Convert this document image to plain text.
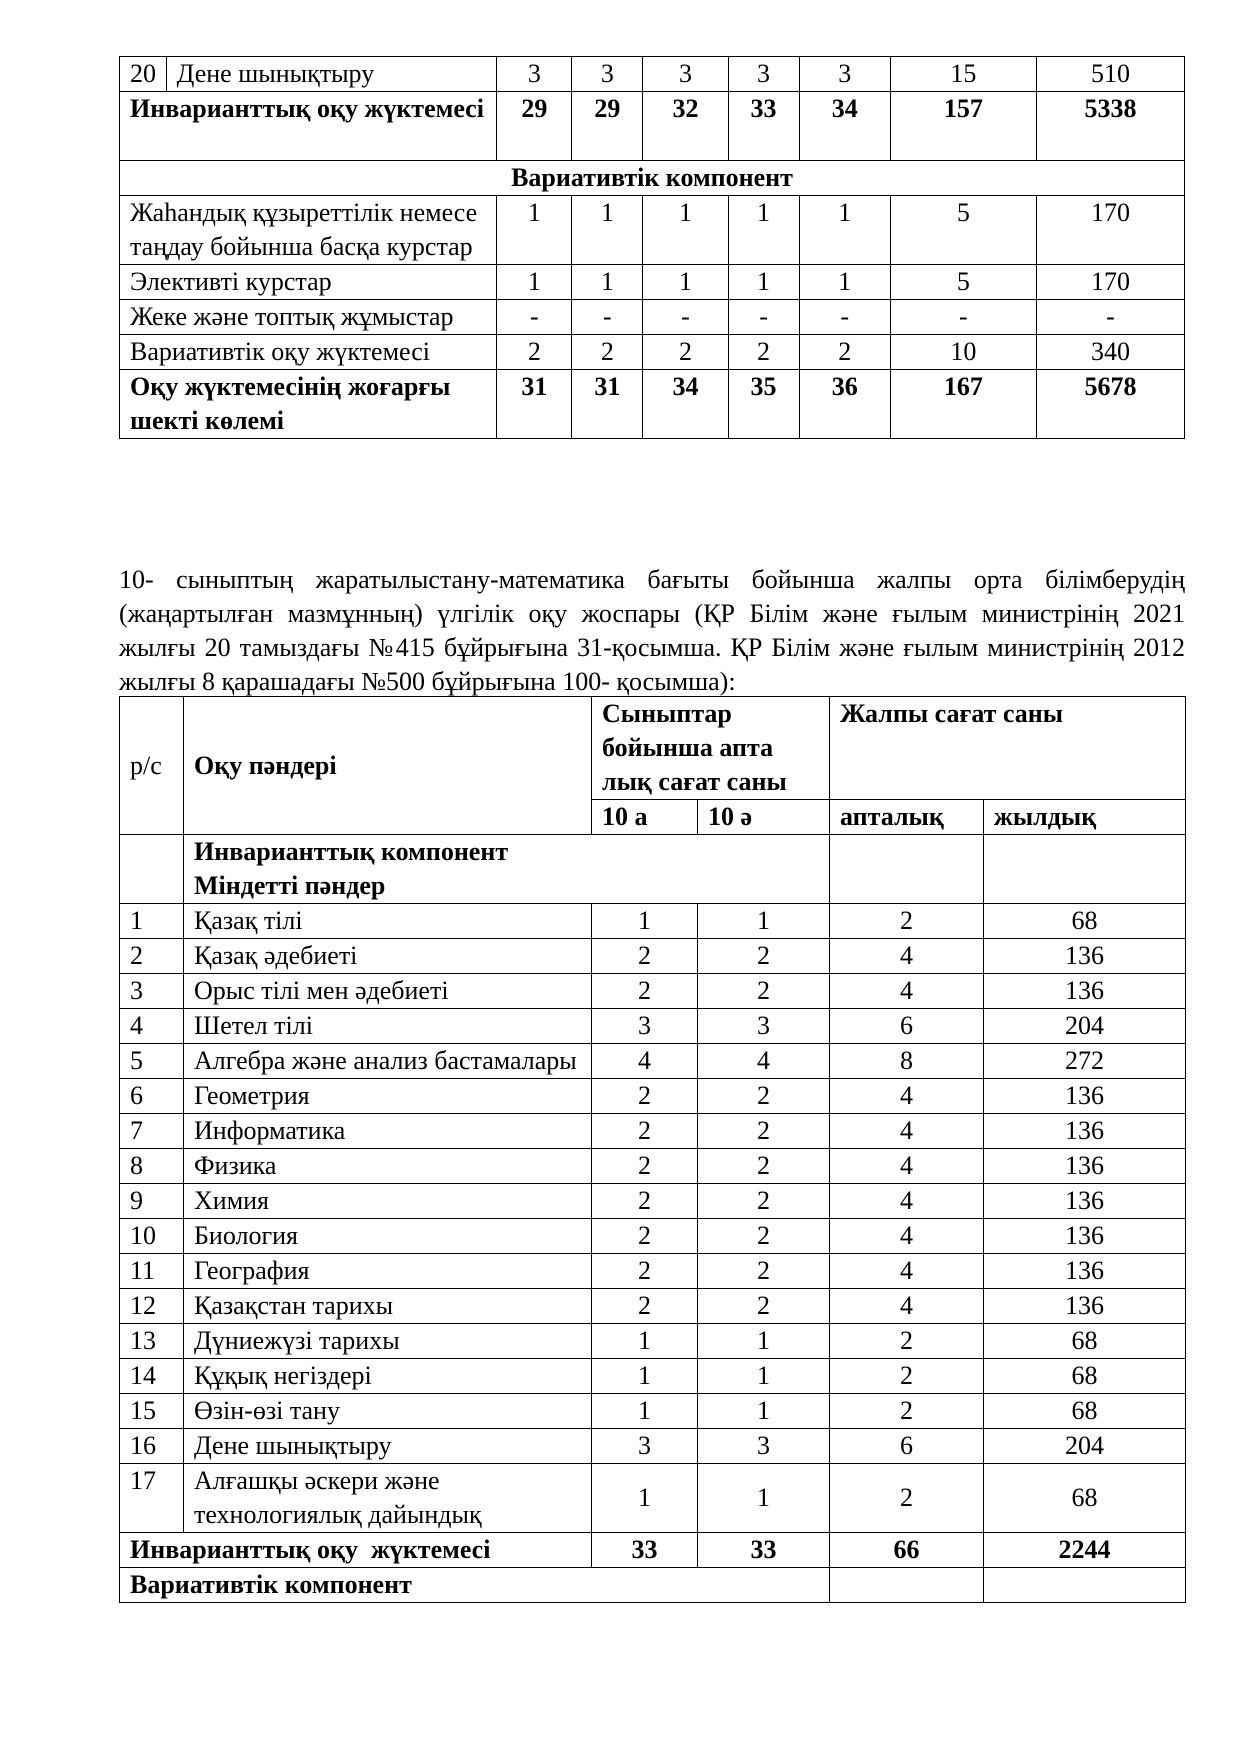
20	Дене шынықтыру	3	3	3	3	3	15	510
Инварианттық оқу жүктемесі		29	29	32	33	34	157	5338
Вариативтік компонент								
Жаһандық құзыреттілік немесе таңдау бойынша басқа курстар		1	1	1	1	1	5	170
Элективті курстар		1	1	1	1	1	5	170
Жеке және топтық жұмыстар		-	-	-	-	-	-	-
Вариативтік оқу жүктемесі		2	2	2	2	2	10	340
Оқу жүктемесінің жоғарғы шекті көлемі		31	31	34	35	36	167	5678

10- сыныптың жаратылыстану-математика бағыты бойынша жалпы орта білімберудің (жаңартылған мазмұнның) үлгілік оқу жоспары (ҚР Білім және ғылым министрінің 2021 жылғы 20 тамыздағы №415 бұйрығына 31-қосымша. ҚР Білім және ғылым министрінің 2012 жылғы 8 қарашадағы №500 бұйрығына 100- қосымша):

р/с	Оқу пәндері	Сыныптар бойынша апта лық сағат саны		Жалпы сағат саны	
		10 а	10 ә	апталық	жылдық

	Инварианттық компонент
Міндетті пәндер				

1	Қазақ тілі	1	1	2	68
2	Қазақ әдебиеті	2	2	4	136
3	Орыс тілі мен әдебиеті	2	2	4	136
4	Шетел тілі	3	3	6	204
5	Алгебра және анализ бастамалары	4	4	8	272
6	Геометрия	2	2	4	136
7	Информатика	2	2	4	136
8	Физика	2	2	4	136
9	Химия	2	2	4	136
10	Биология	2	2	4	136
11	География	2	2	4	136
12	Қазақстан тарихы	2	2	4	136
13	Дүниежүзі тарихы	1	1	2	68
14	Құқық негіздері	1	1	2	68
15	Өзін-өзі тану	1	1	2	68
16	Дене шынықтыру	3	3	6	204
17	Алғашқы әскери және технологиялық дайындық	1	1	2	68
Инварианттық оқу  жүктемесі		33	33	66	2244
Вариативтік компонент					
